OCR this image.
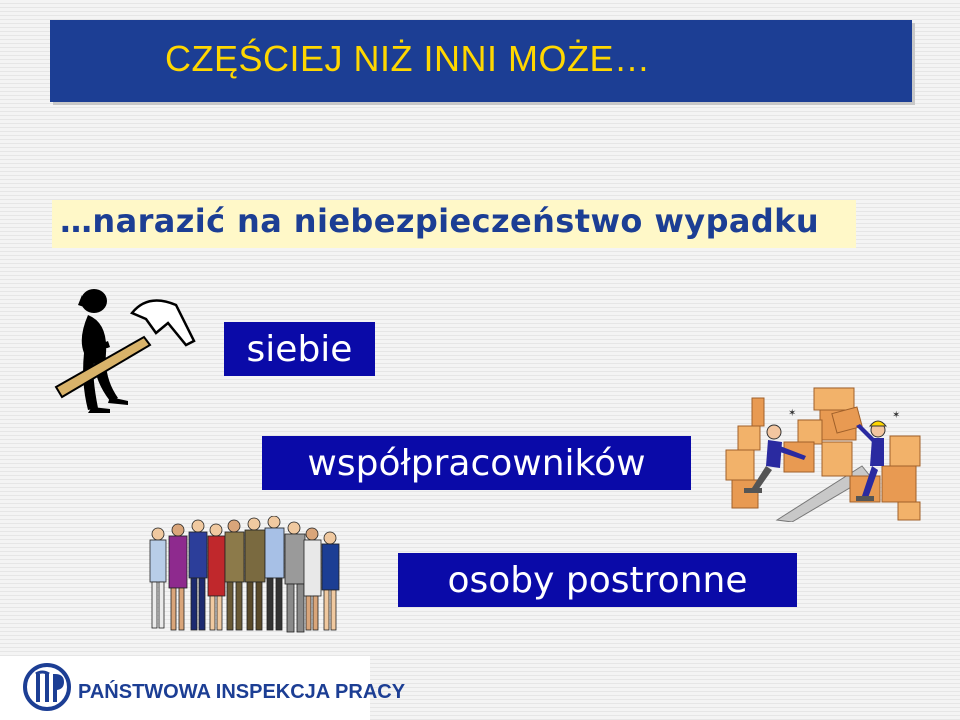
CZĘŚCIEJ NIŻ INNI MOŻE…
…narazić na niebezpieczeństwo wypadku
siebie
współpracowników
osoby postronne
✶
✶
PAŃSTWOWA INSPEKCJA PRACY
